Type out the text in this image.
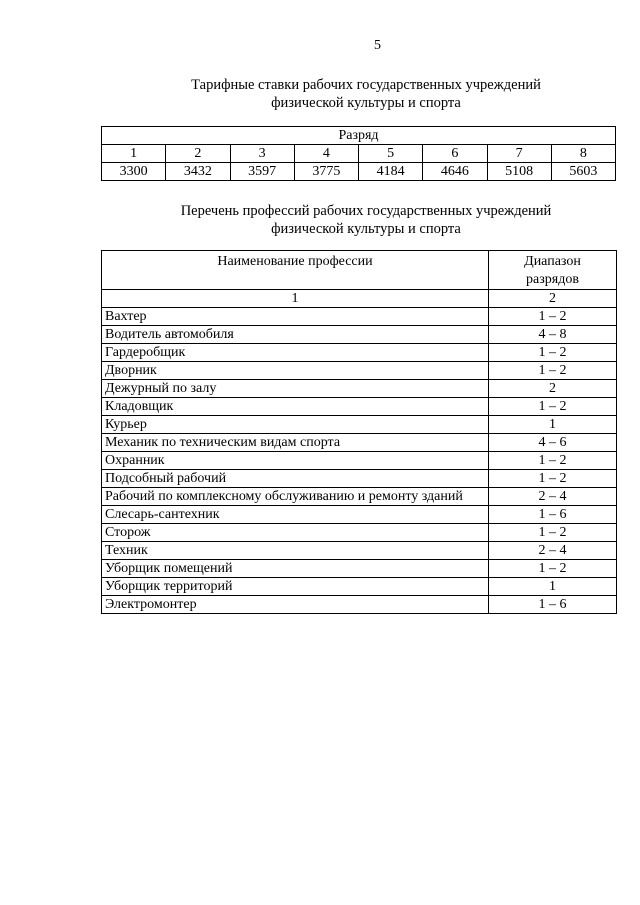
5
Тарифные ставки рабочих государственных учреждений
физической культуры и спорта
Разряд							
1	2	3	4	5	6	7	8
3300	3432	3597	3775	4184	4646	5108	5603
Перечень профессий рабочих государственных учреждений
физической культуры и спорта
Наименование профессии	Диапазон
разрядов
1	2
Вахтер	1 – 2
Водитель автомобиля	4 – 8
Гардеробщик	1 – 2
Дворник	1 – 2
Дежурный по залу	2
Кладовщик	1 – 2
Курьер	1
Механик по техническим видам спорта	4 – 6
Охранник	1 – 2
Подсобный рабочий	1 – 2
Рабочий по комплексному обслуживанию и ремонту зданий	2 – 4
Слесарь-сантехник	1 – 6
Сторож	1 – 2
Техник	2 – 4
Уборщик помещений	1 – 2
Уборщик территорий	1
Электромонтер	1 – 6
